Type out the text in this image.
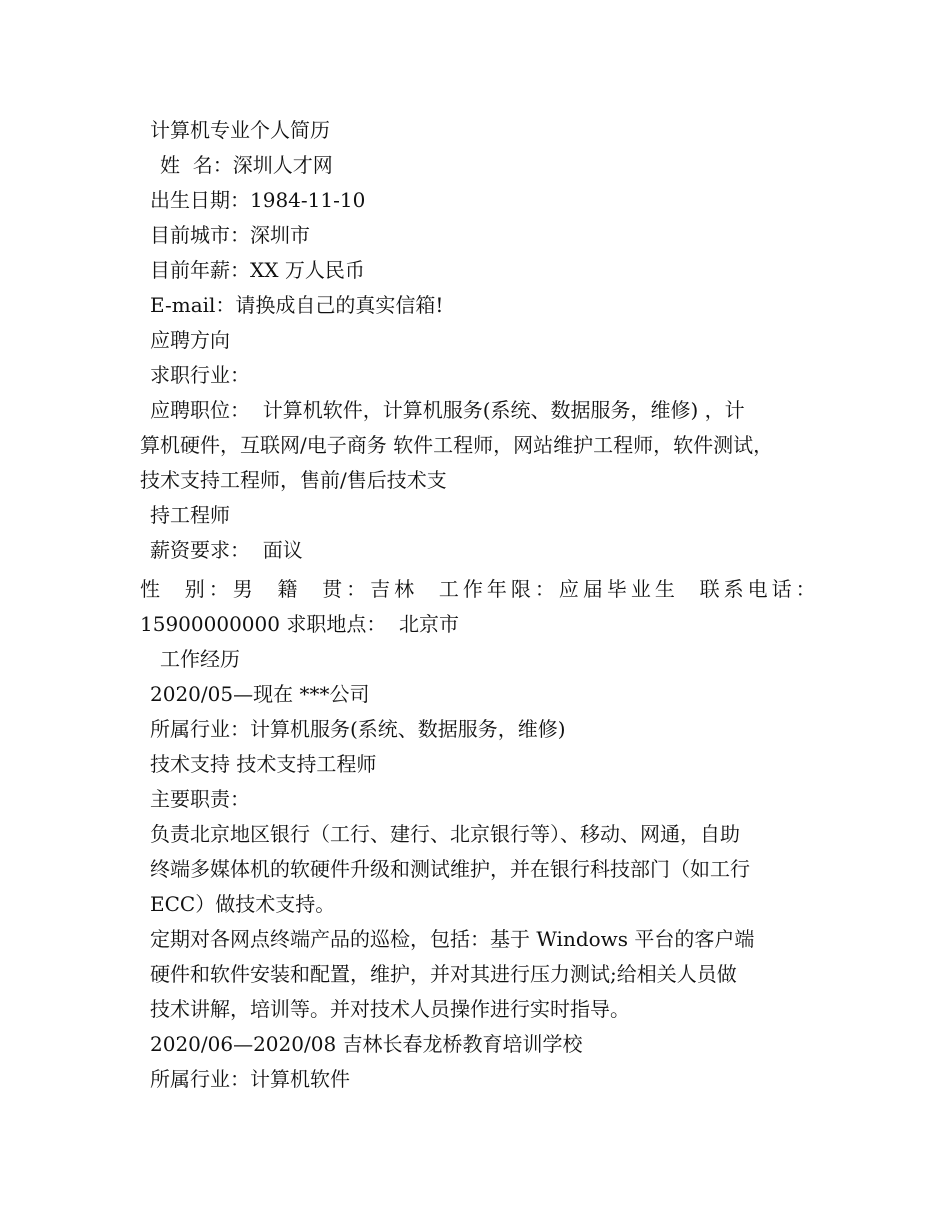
计算机专业个人简历
姓  名：深圳人才网
出生日期：1984-11-10
目前城市：深圳市
目前年薪：XX 万人民币
E-mail：请换成自己的真实信箱!
应聘方向
求职行业：
应聘职位：  计算机软件，计算机服务(系统、数据服务，维修) ，计
算机硬件，互联网/电子商务 软件工程师，网站维护工程师，软件测试，
技术支持工程师，售前/售后技术支
持工程师
薪资要求：  面议
性  别：男  籍  贯：吉林  工作年限：应届毕业生  联系电话：
15900000000 求职地点：  北京市
工作经历
2020/05—现在 ***公司
所属行业：计算机服务(系统、数据服务，维修)
技术支持 技术支持工程师
主要职责：
负责北京地区银行（工行、建行、北京银行等）、移动、网通，自助
终端多媒体机的软硬件升级和测试维护，并在银行科技部门（如工行
ECC）做技术支持。
定期对各网点终端产品的巡检，包括：基于 Windows 平台的客户端
硬件和软件安装和配置，维护，并对其进行压力测试;给相关人员做
技术讲解，培训等。并对技术人员操作进行实时指导。
2020/06—2020/08 吉林长春龙桥教育培训学校
所属行业：计算机软件
